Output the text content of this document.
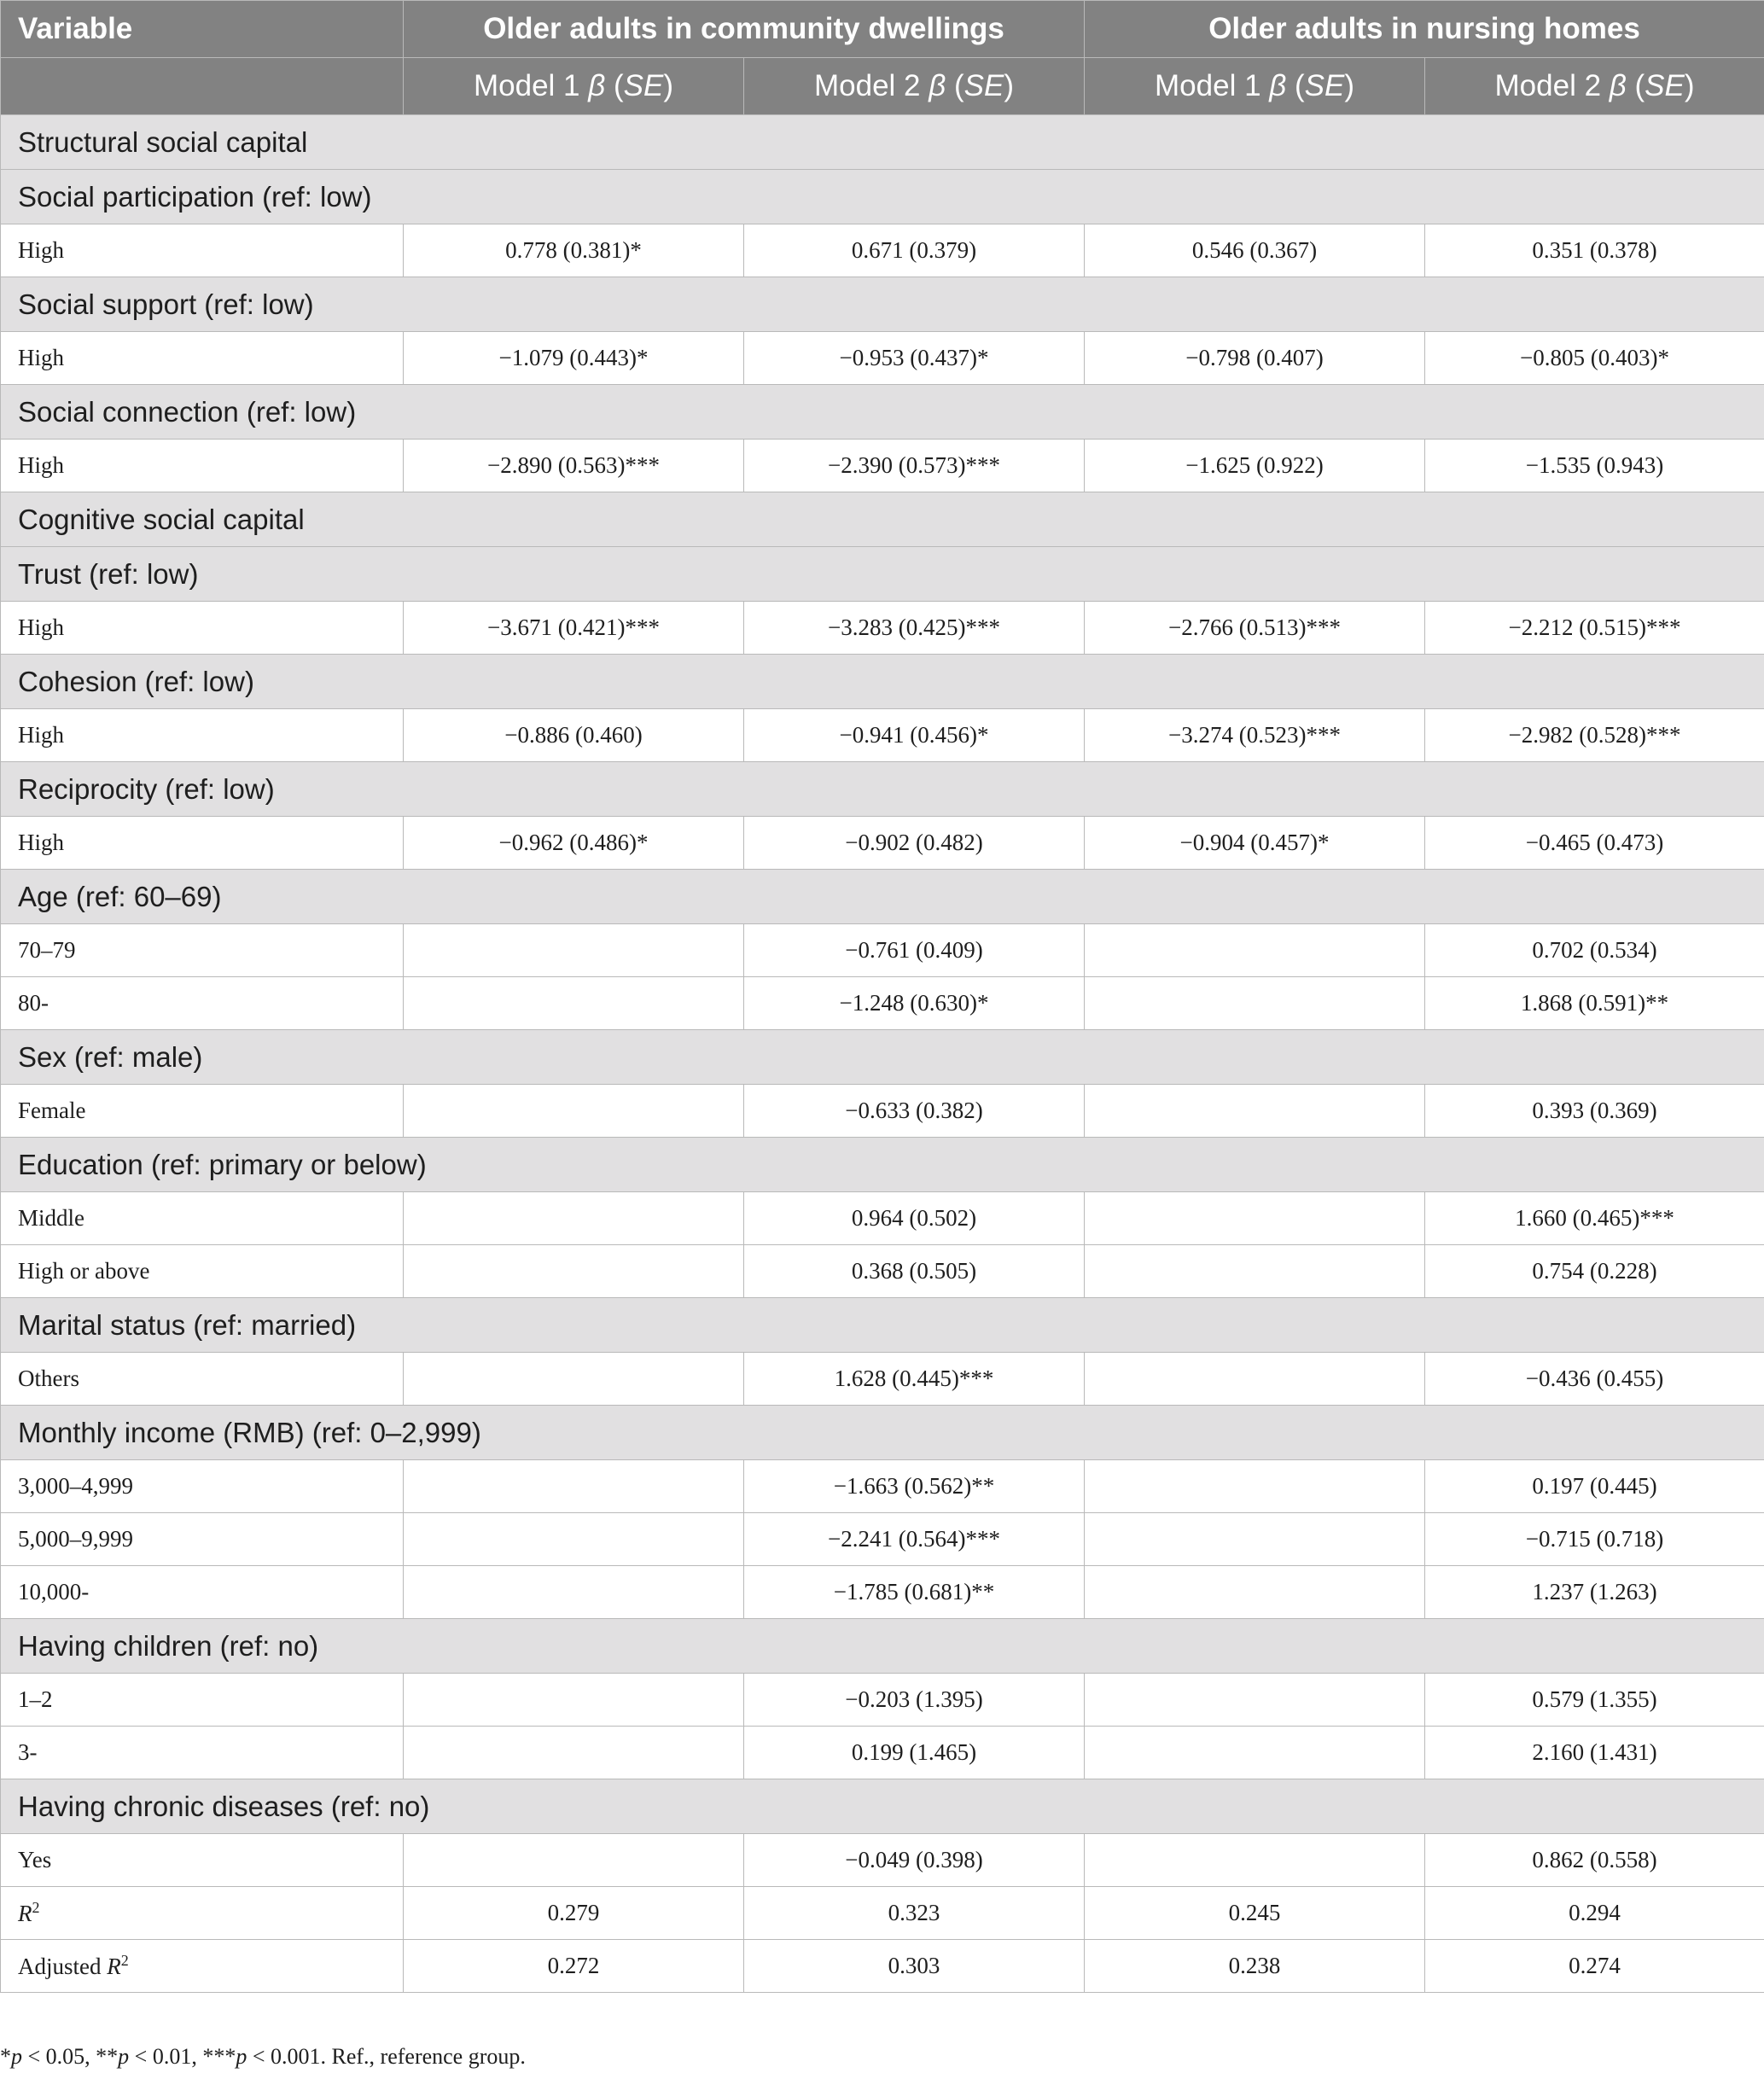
Variable	Older adults in community dwellings		Older adults in nursing homes	
	Model 1 β (SE)	Model 2 β (SE)	Model 1 β (SE)	Model 2 β (SE)
Structural social capital				
Social participation (ref: low)				
High	0.778 (0.381)*	0.671 (0.379)	0.546 (0.367)	0.351 (0.378)
Social support (ref: low)				
High	−1.079 (0.443)*	−0.953 (0.437)*	−0.798 (0.407)	−0.805 (0.403)*
Social connection (ref: low)				
High	−2.890 (0.563)***	−2.390 (0.573)***	−1.625 (0.922)	−1.535 (0.943)
Cognitive social capital				
Trust (ref: low)				
High	−3.671 (0.421)***	−3.283 (0.425)***	−2.766 (0.513)***	−2.212 (0.515)***
Cohesion (ref: low)				
High	−0.886 (0.460)	−0.941 (0.456)*	−3.274 (0.523)***	−2.982 (0.528)***
Reciprocity (ref: low)				
High	−0.962 (0.486)*	−0.902 (0.482)	−0.904 (0.457)*	−0.465 (0.473)
Age (ref: 60–69)				
70–79		−0.761 (0.409)		0.702 (0.534)
80-		−1.248 (0.630)*		1.868 (0.591)**
Sex (ref: male)				
Female		−0.633 (0.382)		0.393 (0.369)
Education (ref: primary or below)				
Middle		0.964 (0.502)		1.660 (0.465)***
High or above		0.368 (0.505)		0.754 (0.228)
Marital status (ref: married)				
Others		1.628 (0.445)***		−0.436 (0.455)
Monthly income (RMB) (ref: 0–2,999)				
3,000–4,999		−1.663 (0.562)**		0.197 (0.445)
5,000–9,999		−2.241 (0.564)***		−0.715 (0.718)
10,000-		−1.785 (0.681)**		1.237 (1.263)
Having children (ref: no)				
1–2		−0.203 (1.395)		0.579 (1.355)
3-		0.199 (1.465)		2.160 (1.431)
Having chronic diseases (ref: no)				
Yes		−0.049 (0.398)		0.862 (0.558)
$R^2$	0.279	0.323	0.245	0.294
Adjusted $R^2$	0.272	0.303	0.238	0.274
*p < 0.05, **p < 0.01, ***p < 0.001. Ref., reference group.
